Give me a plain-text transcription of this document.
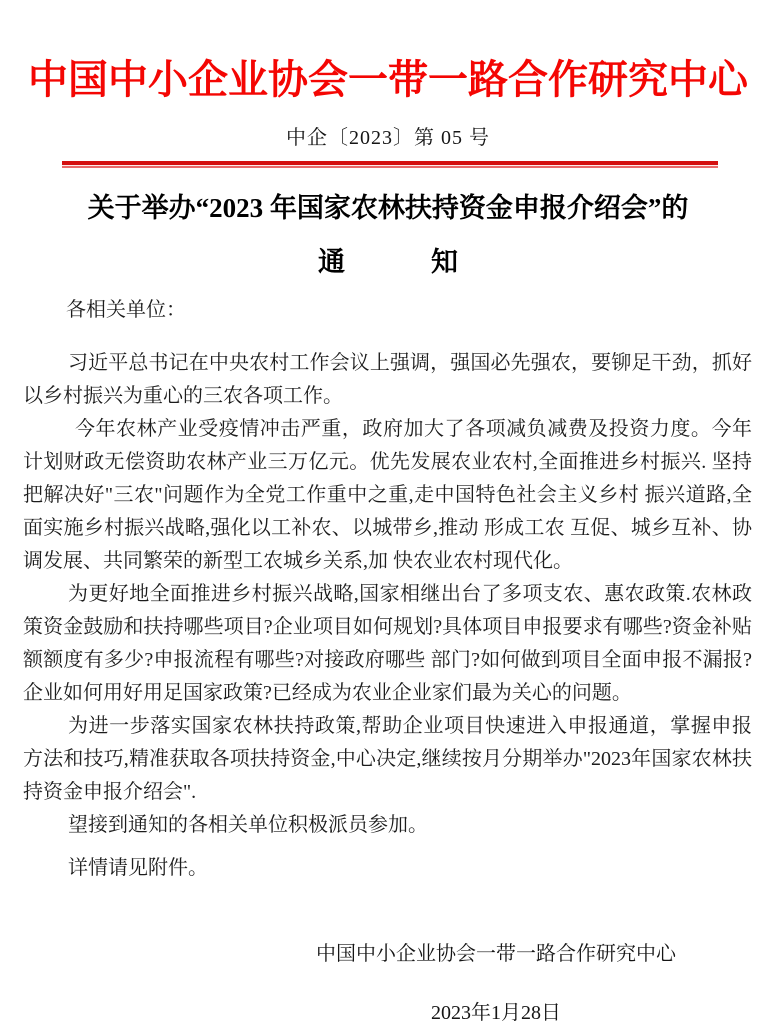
中国中小企业协会一带一路合作研究中心
中企〔2023〕第 05 号
关于举办“2023 年国家农林扶持资金申报介绍会”的
通	知
各相关单位：

习近平总书记在中央农村工作会议上强调，强国必先强农，要铆足干劲，抓好以乡村振兴为重心的三农各项工作。

今年农林产业受疫情冲击严重，政府加大了各项减负减费及投资力度。今年计划财政无偿资助农林产业三万亿元。优先发展农业农村,全面推进乡村振兴. 坚持把解决好"三农"问题作为全党工作重中之重,走中国特色社会主义乡村 振兴道路,全面实施乡村振兴战略,强化以工补农、以城带乡,推动 形成工农 互促、城乡互补、协调发展、共同繁荣的新型工农城乡关系,加 快农业农村现代化。

为更好地全面推进乡村振兴战略,国家相继出台了多项支农、惠农政策.农林政策资金鼓励和扶持哪些项目?企业项目如何规划?具体项目申报要求有哪些?资金补贴额额度有多少?申报流程有哪些?对接政府哪些 部门?如何做到项目全面申报不漏报?企业如何用好用足国家政策?已经成为农业企业家们最为关心的问题。

为进一步落实国家农林扶持政策,帮助企业项目快速进入申报通道，掌握申报方法和技巧,精准获取各项扶持资金,中心决定,继续按月分期举办"2023年国家农林扶持资金申报介绍会".

望接到通知的各相关单位积极派员参加。

详情请见附件。

中国中小企业协会一带一路合作研究中心
2023年1月28日
